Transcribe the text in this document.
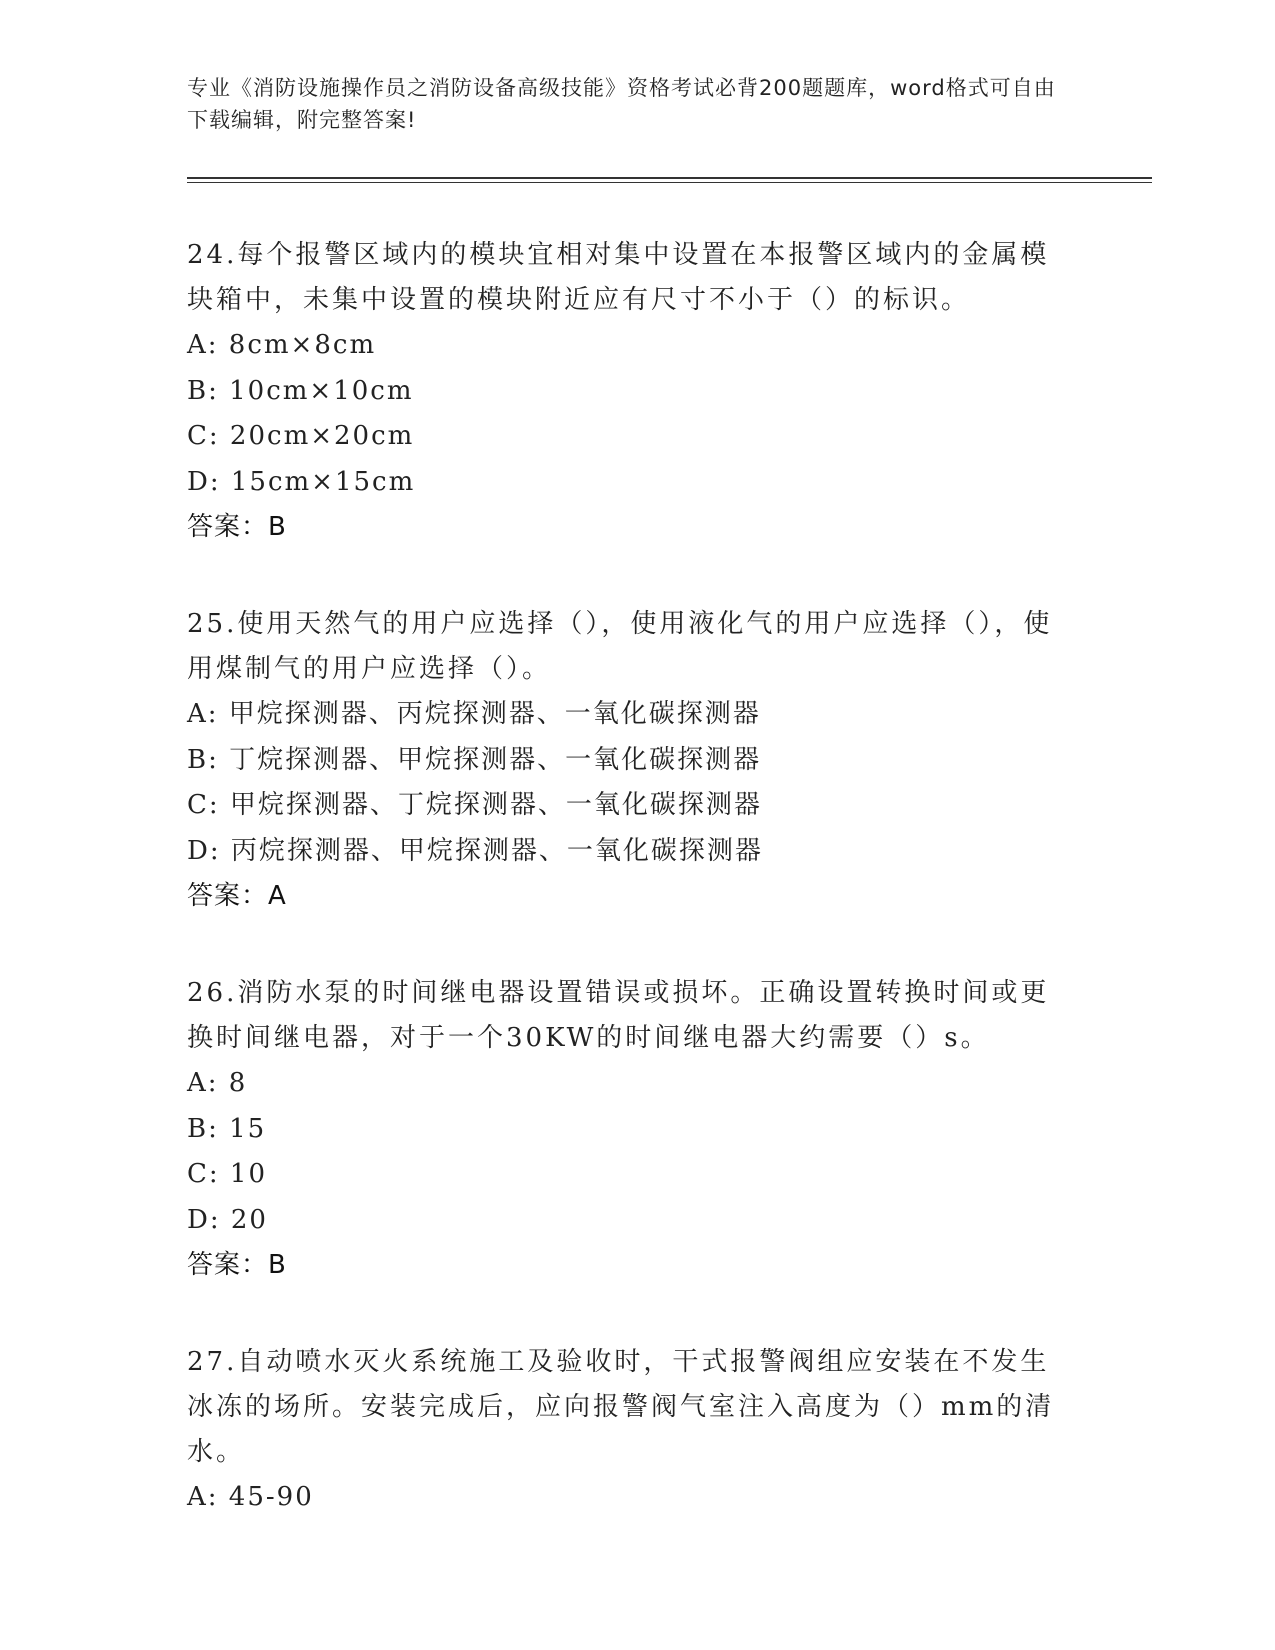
专业《消防设施操作员之消防设备高级技能》资格考试必背200题题库，word格式可自由下载编辑，附完整答案!

24.每个报警区域内的模块宜相对集中设置在本报警区域内的金属模块箱中，未集中设置的模块附近应有尺寸不小于（）的标识。

A: 8cm×8cm

B: 10cm×10cm

C: 20cm×20cm

D: 15cm×15cm

答案：B

25.使用天然气的用户应选择（），使用液化气的用户应选择（），使用煤制气的用户应选择（）。

A: 甲烷探测器、丙烷探测器、一氧化碳探测器

B: 丁烷探测器、甲烷探测器、一氧化碳探测器

C: 甲烷探测器、丁烷探测器、一氧化碳探测器

D: 丙烷探测器、甲烷探测器、一氧化碳探测器

答案：A

26.消防水泵的时间继电器设置错误或损坏。正确设置转换时间或更换时间继电器，对于一个30KW的时间继电器大约需要（）s。

A: 8

B: 15

C: 10

D: 20

答案：B

27.自动喷水灭火系统施工及验收时，干式报警阀组应安装在不发生冰冻的场所。安装完成后，应向报警阀气室注入高度为（）mm的清水。

A: 45-90
